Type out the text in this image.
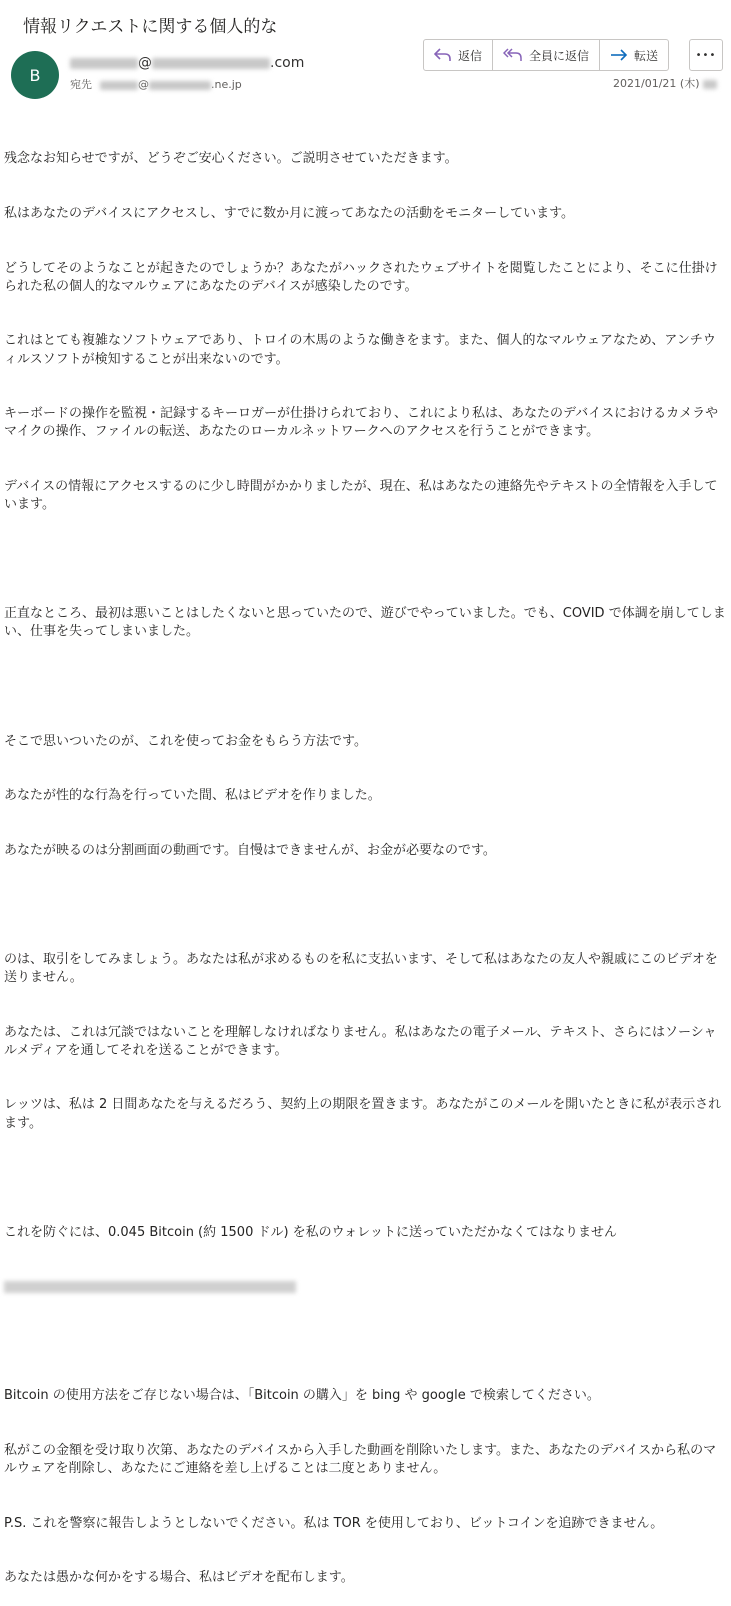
情報リクエストに関する個人的な
B
@	.com
宛先	@	.ne.jp
返信	全員に返信	転送	•••
2021/01/21 (木)

残念なお知らせですが、どうぞご安心ください。ご説明させていただきます。

私はあなたのデバイスにアクセスし、すでに数か月に渡ってあなたの活動をモニターしています。

どうしてそのようなことが起きたのでしょうか？あなたがハックされたウェブサイトを閲覧したことにより、そこに仕掛けられた私の個人的なマルウェアにあなたのデバイスが感染したのです。

これはとても複雑なソフトウェアであり、トロイの木馬のような働きをます。また、個人的なマルウェアなため、アンチウィルスソフトが検知することが出来ないのです。

キーボードの操作を監視・記録するキーロガーが仕掛けられており、これにより私は、あなたのデバイスにおけるカメラやマイクの操作、ファイルの転送、あなたのローカルネットワークへのアクセスを行うことができます。

デバイスの情報にアクセスするのに少し時間がかかりましたが、現在、私はあなたの連絡先やテキストの全情報を入手しています。

正直なところ、最初は悪いことはしたくないと思っていたので、遊びでやっていました。でも、COVID で体調を崩してしまい、仕事を失ってしまいました。

そこで思いついたのが、これを使ってお金をもらう方法です。

あなたが性的な行為を行っていた間、私はビデオを作りました。

あなたが映るのは分割画面の動画です。自慢はできませんが、お金が必要なのです。

のは、取引をしてみましょう。あなたは私が求めるものを私に支払います、そして私はあなたの友人や親戚にこのビデオを送りません。

あなたは、これは冗談ではないことを理解しなければなりません。私はあなたの電子メール、テキスト、さらにはソーシャルメディアを通してそれを送ることができます。

レッツは、私は 2 日間あなたを与えるだろう、契約上の期限を置きます。あなたがこのメールを開いたときに私が表示されます。

これを防ぐには、0.045 Bitcoin (約 1500 ドル) を私のウォレットに送っていただかなくてはなりません

Bitcoin の使用方法をご存じない場合は、「Bitcoin の購入」を bing や google で検索してください。

私がこの金額を受け取り次第、あなたのデバイスから入手した動画を削除いたします。また、あなたのデバイスから私のマルウェアを削除し、あなたにご連絡を差し上げることは二度とありません。

P.S. これを警察に報告しようとしないでください。私は TOR を使用しており、ビットコインを追跡できません。

あなたは愚かな何かをする場合、私はビデオを配布します。
